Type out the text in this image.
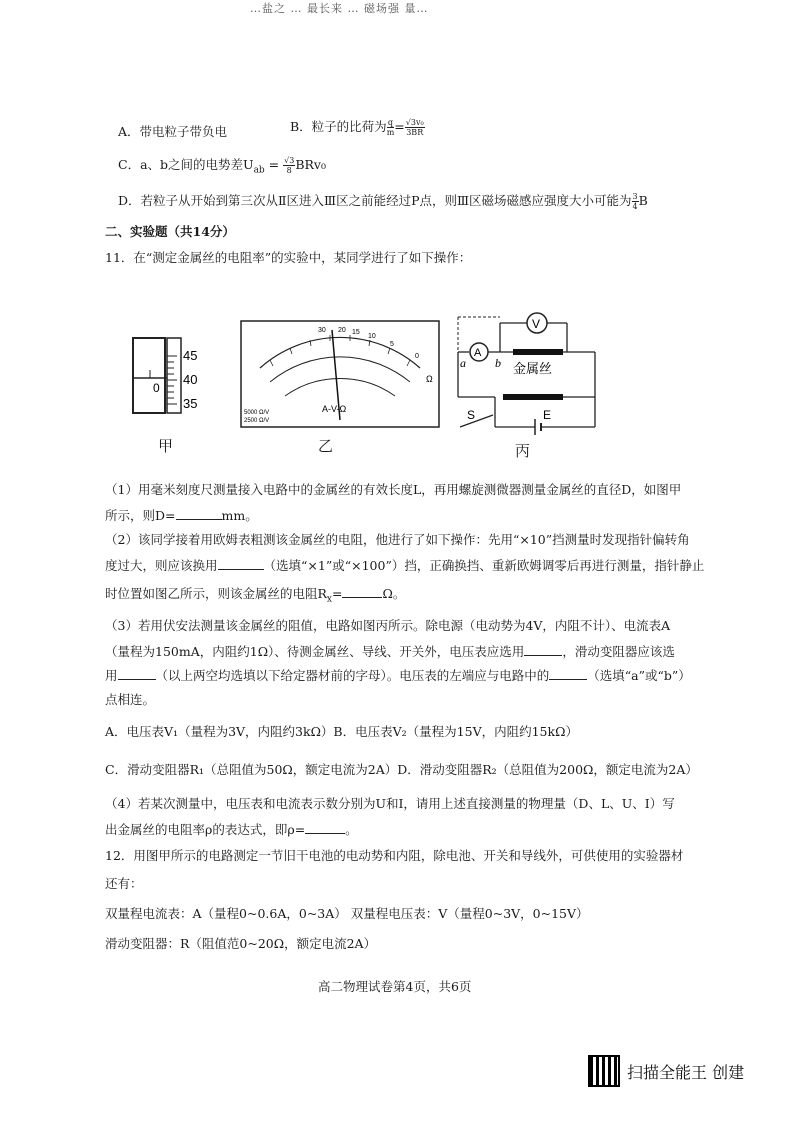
…盐之 … 最长来 … 磁场强 量…
A．带电粒子带负电	B．粒子的比荷为 $\frac{q}{m} = \frac{\text{√3v₀}}{3BR}$
C．a、b之间的电势差$U_{ab} = \frac{√3}{8} BRv_0$
D．若粒子从开始到第三次从Ⅱ区进入Ⅲ区之前能经过P点，则Ⅲ区磁场磁感应强度大小可能为 $\frac{3}{4}$ B
二、实验题（共14分）
11．在“测定金属丝的电阻率”的实验中，某同学进行了如下操作：
45
40
35
0
甲
30 20 15
10
5
0
Ω
A-V-Ω
5000 Ω/V
2500 Ω/V
乙
V
A
a b 金属丝
S	E
丙
（1）用毫米刻度尺测量接入电路中的金属丝的有效长度L，再用螺旋测微器测量金属丝的直径D，如图甲
所示，则D=	mm。
（2）该同学接着用欧姆表粗测该金属丝的电阻，他进行了如下操作：先用“×10”挡测量时发现指针偏转角
度过大，则应该换用	（选填“×1”或“×100”）挡，正确换挡、重新欧姆调零后再进行测量，指针静止
时位置如图乙所示，则该金属丝的电阻$R_x=$	Ω。
（3）若用伏安法测量该金属丝的阻值，电路如图丙所示。除电源（电动势为4V，内阻不计）、电流表A
（量程为150mA，内阻约1Ω）、待测金属丝、导线、开关外，电压表应选用	，滑动变阻器应该选
用	（以上两空均选填以下给定器材前的字母）。电压表的左端应与电路中的	（选填“a”或“b”）
点相连。
A．电压表V₁（量程为3V，内阻约3kΩ）B．电压表V₂（量程为15V，内阻约15kΩ）
C．滑动变阻器R₁（总阻值为50Ω，额定电流为2A）D．滑动变阻器R₂（总阻值为200Ω，额定电流为2A）
（4）若某次测量中，电压表和电流表示数分别为U和I，请用上述直接测量的物理量（D、L、U、I）写
出金属丝的电阻率ρ的表达式，即ρ=	。
12．用图甲所示的电路测定一节旧干电池的电动势和内阻，除电池、开关和导线外，可供使用的实验器材
还有：
双量程电流表：A（量程0~0.6A，0~3A） 双量程电压表：V（量程0~3V，0~15V）
滑动变阻器：R（阻值范0~20Ω，额定电流2A）
高二物理试卷第4页，共6页
扫描全能王 创建
